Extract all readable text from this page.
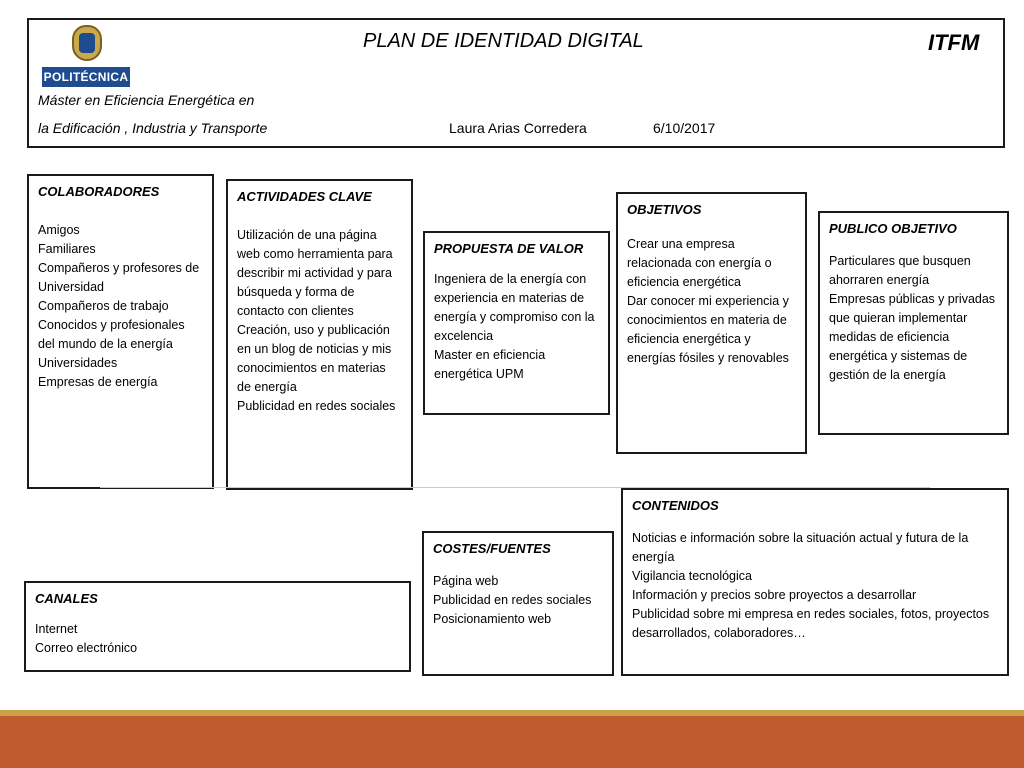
POLITÉCNICA
PLAN DE IDENTIDAD DIGITAL	ITFM
Máster en Eficiencia Energética en
la Edificación , Industria y Transporte	Laura Arias Corredera	6/10/2017
COLABORADORES
Amigos
Familiares
Compañeros y profesores de Universidad
Compañeros de trabajo
Conocidos y profesionales del mundo de la energía
Universidades
Empresas de energía
ACTIVIDADES CLAVE
Utilización de una página web como herramienta para describir mi actividad y para búsqueda y forma de contacto con clientes
Creación, uso y publicación en un blog de noticias y mis conocimientos en materias de energía
Publicidad en redes sociales
PROPUESTA DE VALOR
Ingeniera de la energía con experiencia en materias de energía y compromiso con la excelencia
Master en eficiencia energética UPM
OBJETIVOS
Crear una empresa relacionada con energía o eficiencia energética
Dar conocer mi experiencia y conocimientos en materia de eficiencia energética y energías fósiles y renovables
PUBLICO OBJETIVO
Particulares que busquen ahorraren energía
Empresas públicas y privadas que quieran implementar medidas de eficiencia energética y sistemas de gestión de la energía
CANALES
Internet
Correo electrónico
COSTES/FUENTES
Página web
Publicidad en redes sociales
Posicionamiento web
CONTENIDOS
Noticias e información sobre la situación actual y futura de la energía
Vigilancia tecnológica
Información y precios sobre proyectos a desarrollar
Publicidad sobre mi empresa en redes sociales, fotos, proyectos desarrollados, colaboradores…
